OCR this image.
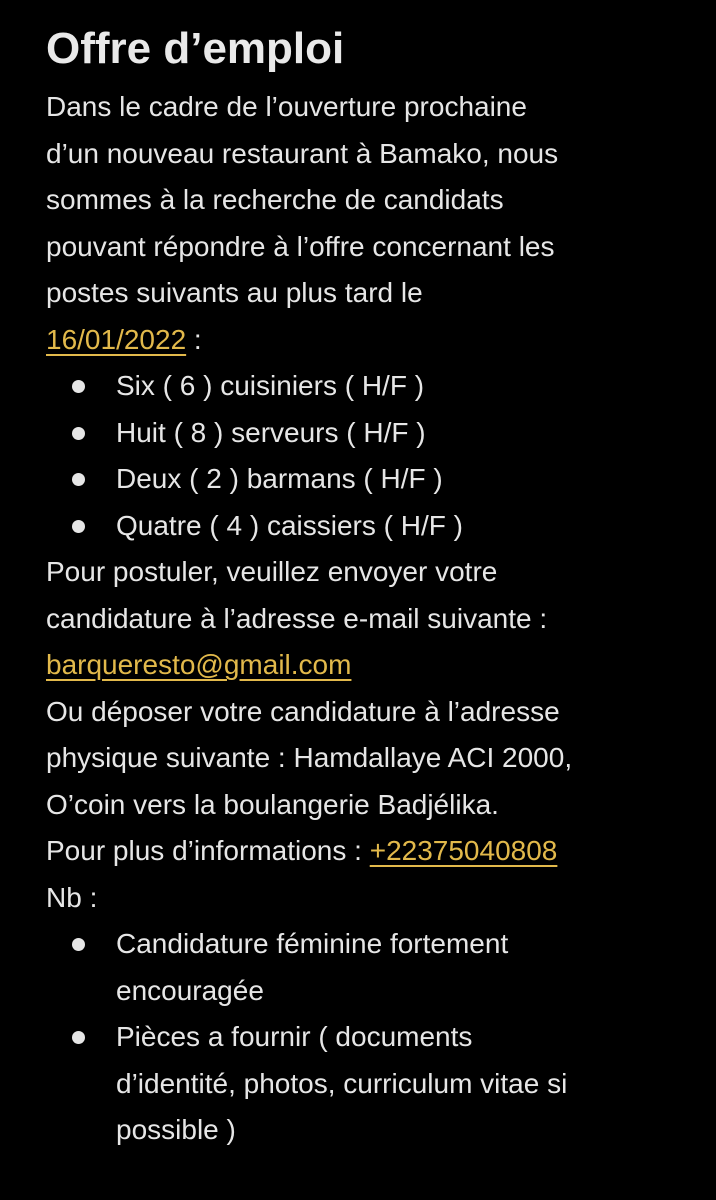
Offre d’emploi

Dans le cadre de l’ouverture prochaine
d’un nouveau restaurant à Bamako, nous
sommes à la recherche de candidats
pouvant répondre à l’offre concernant les
postes suivants au plus tard le
16/01/2022 :

Six ( 6 ) cuisiniers ( H/F )
Huit ( 8 ) serveurs ( H/F )
Deux ( 2 ) barmans ( H/F )
Quatre ( 4 ) caissiers ( H/F )

Pour postuler, veuillez envoyer votre
candidature à l’adresse e-mail suivante :
barqueresto@gmail.com

Ou déposer votre candidature à l’adresse
physique suivante : Hamdallaye ACI 2000,
O’coin vers la boulangerie Badjélika.

Pour plus d’informations : +22375040808

Nb :

Candidature féminine fortement
encouragée
Pièces a fournir ( documents
d’identité, photos, curriculum vitae si
possible )
